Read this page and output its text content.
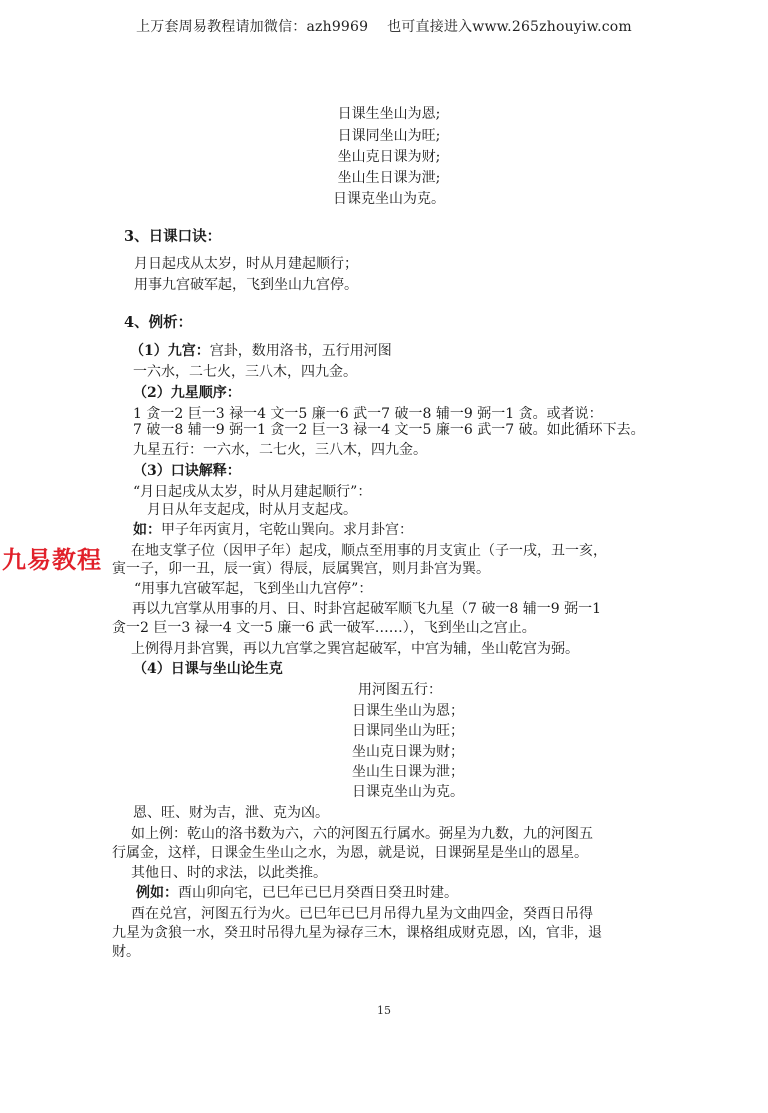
上万套周易教程请加微信：azh9969　 也可直接进入www.265zhouyiw.com
日课生坐山为恩;
日课同坐山为旺;
坐山克日课为财;
坐山生日课为泄;
日课克坐山为克。
3、日课口诀：
月日起戌从太岁，时从月建起顺行；
用事九宫破军起，飞到坐山九宫停。
4、例析：
（1）九宫：宫卦，数用洛书，五行用河图
一六水，二七火，三八木，四九金。
（2）九星顺序：
1 贪一2 巨一3 禄一4 文一5 廉一6 武一7 破一8 辅一9 弼一1 贪。或者说：
7 破一8 辅一9 弼一1 贪一2 巨一3 禄一4 文一5 廉一6 武一7 破。如此循环下去。
九星五行：一六水，二七火，三八木，四九金。
（3）口诀解释：
“月日起戌从太岁，时从月建起顺行”：
月日从年支起戌，时从月支起戌。
如：甲子年丙寅月，宅乾山巽向。求月卦宫：
在地支掌子位（因甲子年）起戌，顺点至用事的月支寅止（子一戌，丑一亥，
寅一子，卯一丑，辰一寅）得辰，辰属巽宫，则月卦宫为巽。
“用事九宫破军起，飞到坐山九宫停”：
再以九宫掌从用事的月、日、时卦宫起破军顺飞九星（7 破一8 辅一9 弼一1
贪一2 巨一3 禄一4 文一5 廉一6 武一破军……），飞到坐山之宫止。
上例得月卦宫巽，再以九宫掌之巽宫起破军，中宫为辅，坐山乾宫为弼。
（4）日课与坐山论生克
用河图五行：
日课生坐山为恩；
日课同坐山为旺；
坐山克日课为财；
坐山生日课为泄；
日课克坐山为克。
恩、旺、财为吉，泄、克为凶。
如上例：乾山的洛书数为六，六的河图五行属水。弼星为九数，九的河图五
行属金，这样，日课金生坐山之水，为恩，就是说，日课弼星是坐山的恩星。
其他日、时的求法，以此类推。
例如：酉山卯向宅，已巳年已巳月癸酉日癸丑时建。
酉在兑宫，河图五行为火。已巳年已巳月吊得九星为文曲四金，癸酉日吊得
九星为贪狼一水，癸丑时吊得九星为禄存三木，课格组成财克恩，凶，官非，退
财。
九易教程
15
